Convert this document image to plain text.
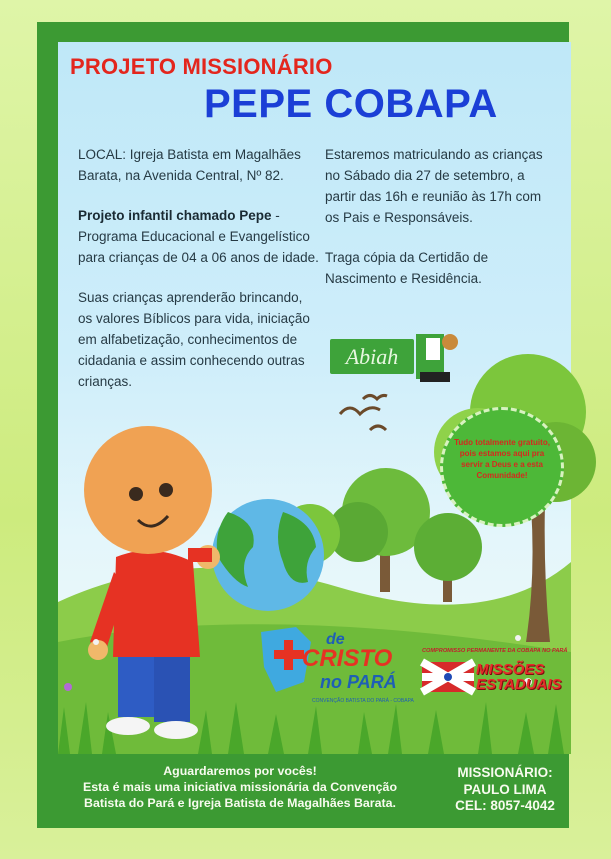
PROJETO MISSIONÁRIO
PEPE COBAPA

LOCAL: Igreja Batista em Magalhães Barata, na Avenida Central, Nº 82.

Projeto infantil chamado Pepe - Programa Educacional e Evangelístico para crianças de 04 a 06 anos de idade.

Suas crianças aprenderão brincando, os valores Bíblicos para vida, iniciação em alfabetização, conhecimentos de cidadania e assim conhecendo outras crianças.

Estaremos matriculando as crianças no Sábado dia 27 de setembro, a partir das 16h e reunião às 17h com os Pais e Responsáveis.

Traga cópia da Certidão de Nascimento e Residência.

Abiah
Tudo totalmente gratuito, pois estamos aqui pra servir a Deus e a esta Comunidade!
de
CRISTO
no PARÁ
CONVENÇÃO BATISTA DO PARÁ - COBAPA
COMPROMISSO PERMANENTE DA COBAPA NO PARÁ
MISSÕES
ESTADUAIS
Aguardaremos por vocês!
Esta é mais uma iniciativa missionária da Convenção
Batista do Pará e Igreja Batista de Magalhães Barata.
MISSIONÁRIO:
PAULO LIMA
CEL: 8057-4042
